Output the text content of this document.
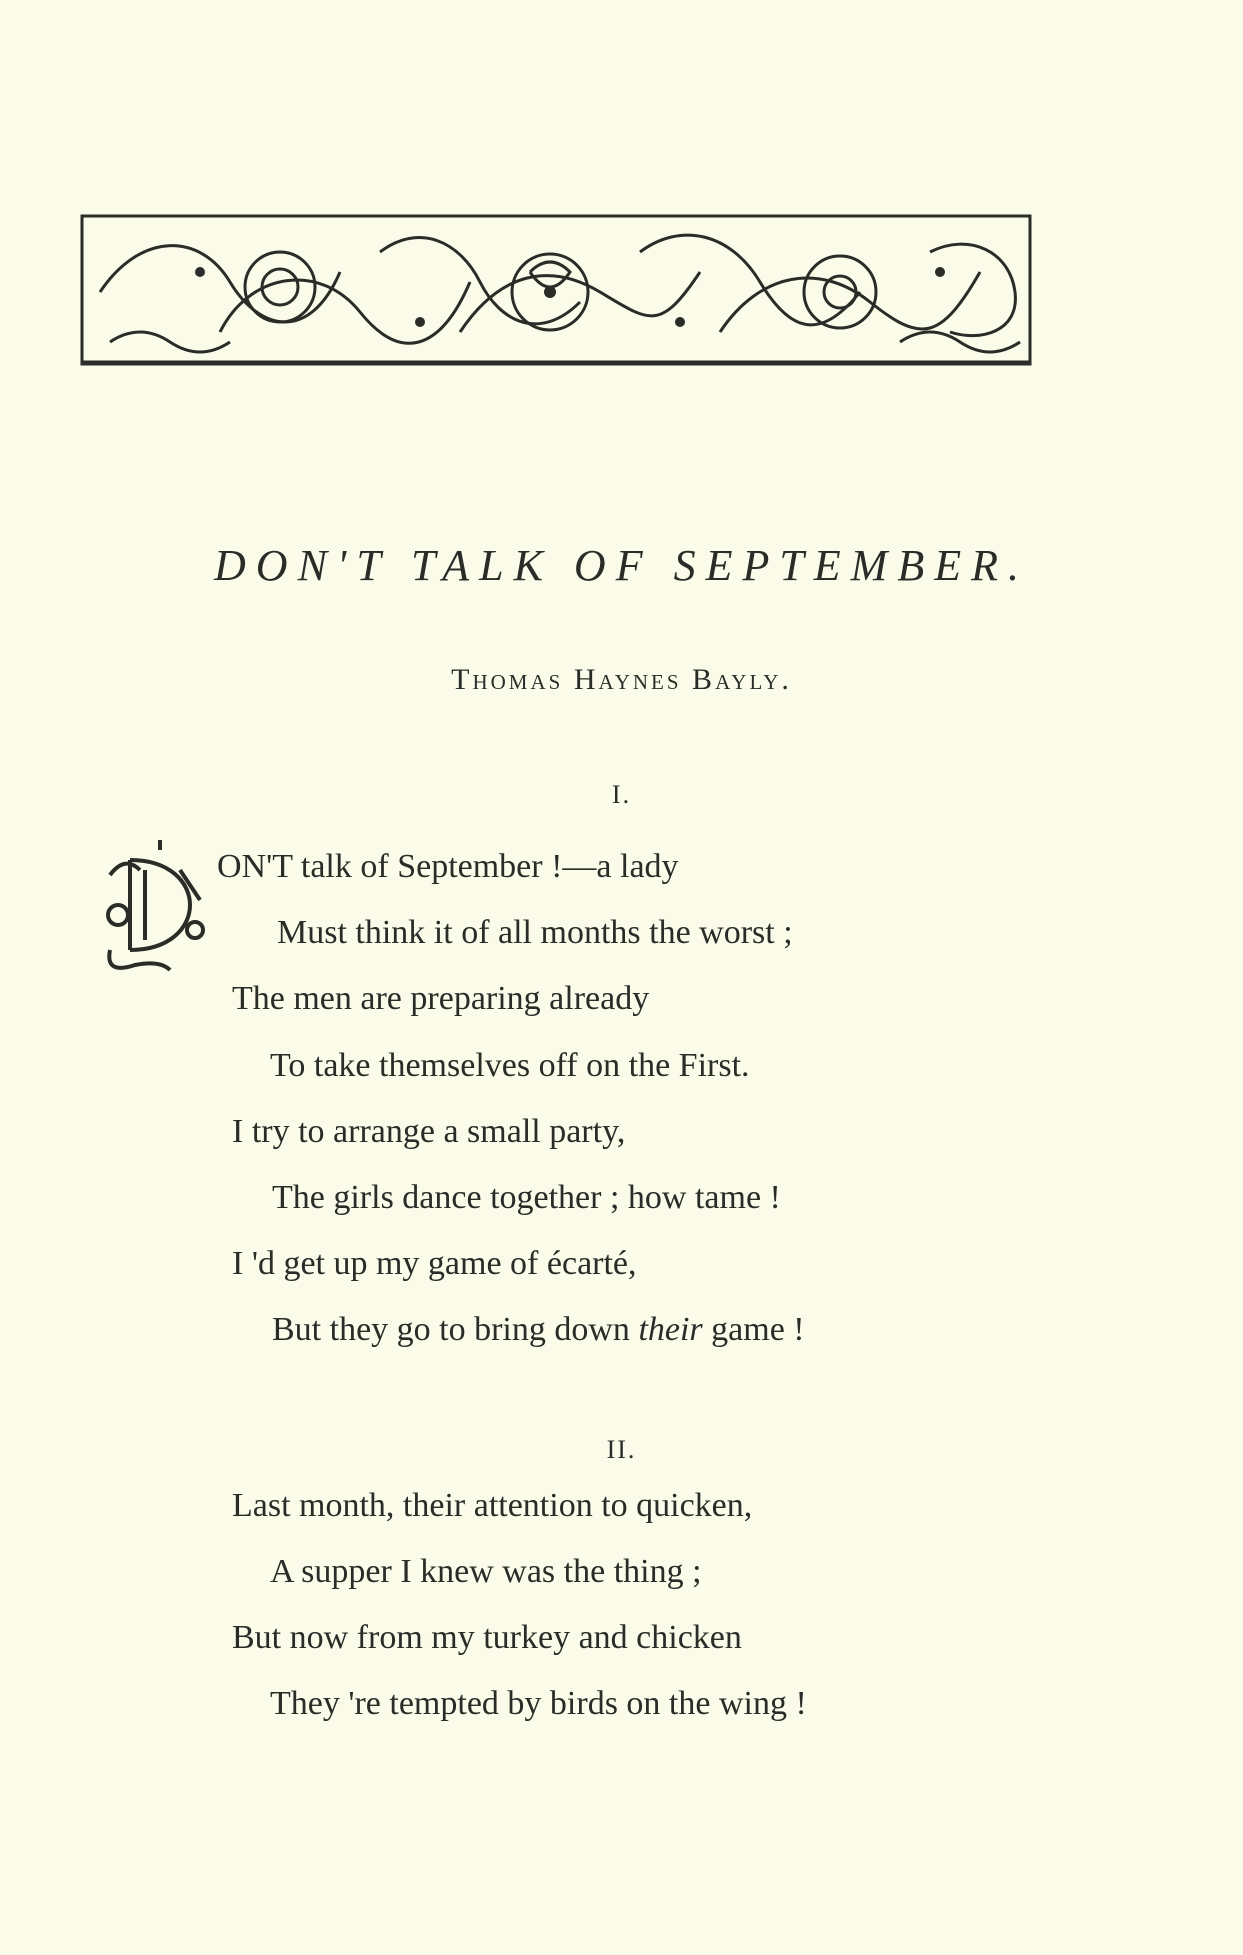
DON'T TALK OF SEPTEMBER.
Thomas Haynes Bayly.
I.
ON'T talk of September !—a lady
Must think it of all months the worst ;
The men are preparing already
To take themselves off on the First.
I try to arrange a small party,
The girls dance together ; how tame !
I 'd get up my game of écarté,
But they go to bring down their game !
II.
Last month, their attention to quicken,
A supper I knew was the thing ;
But now from my turkey and chicken
They 're tempted by birds on the wing !
